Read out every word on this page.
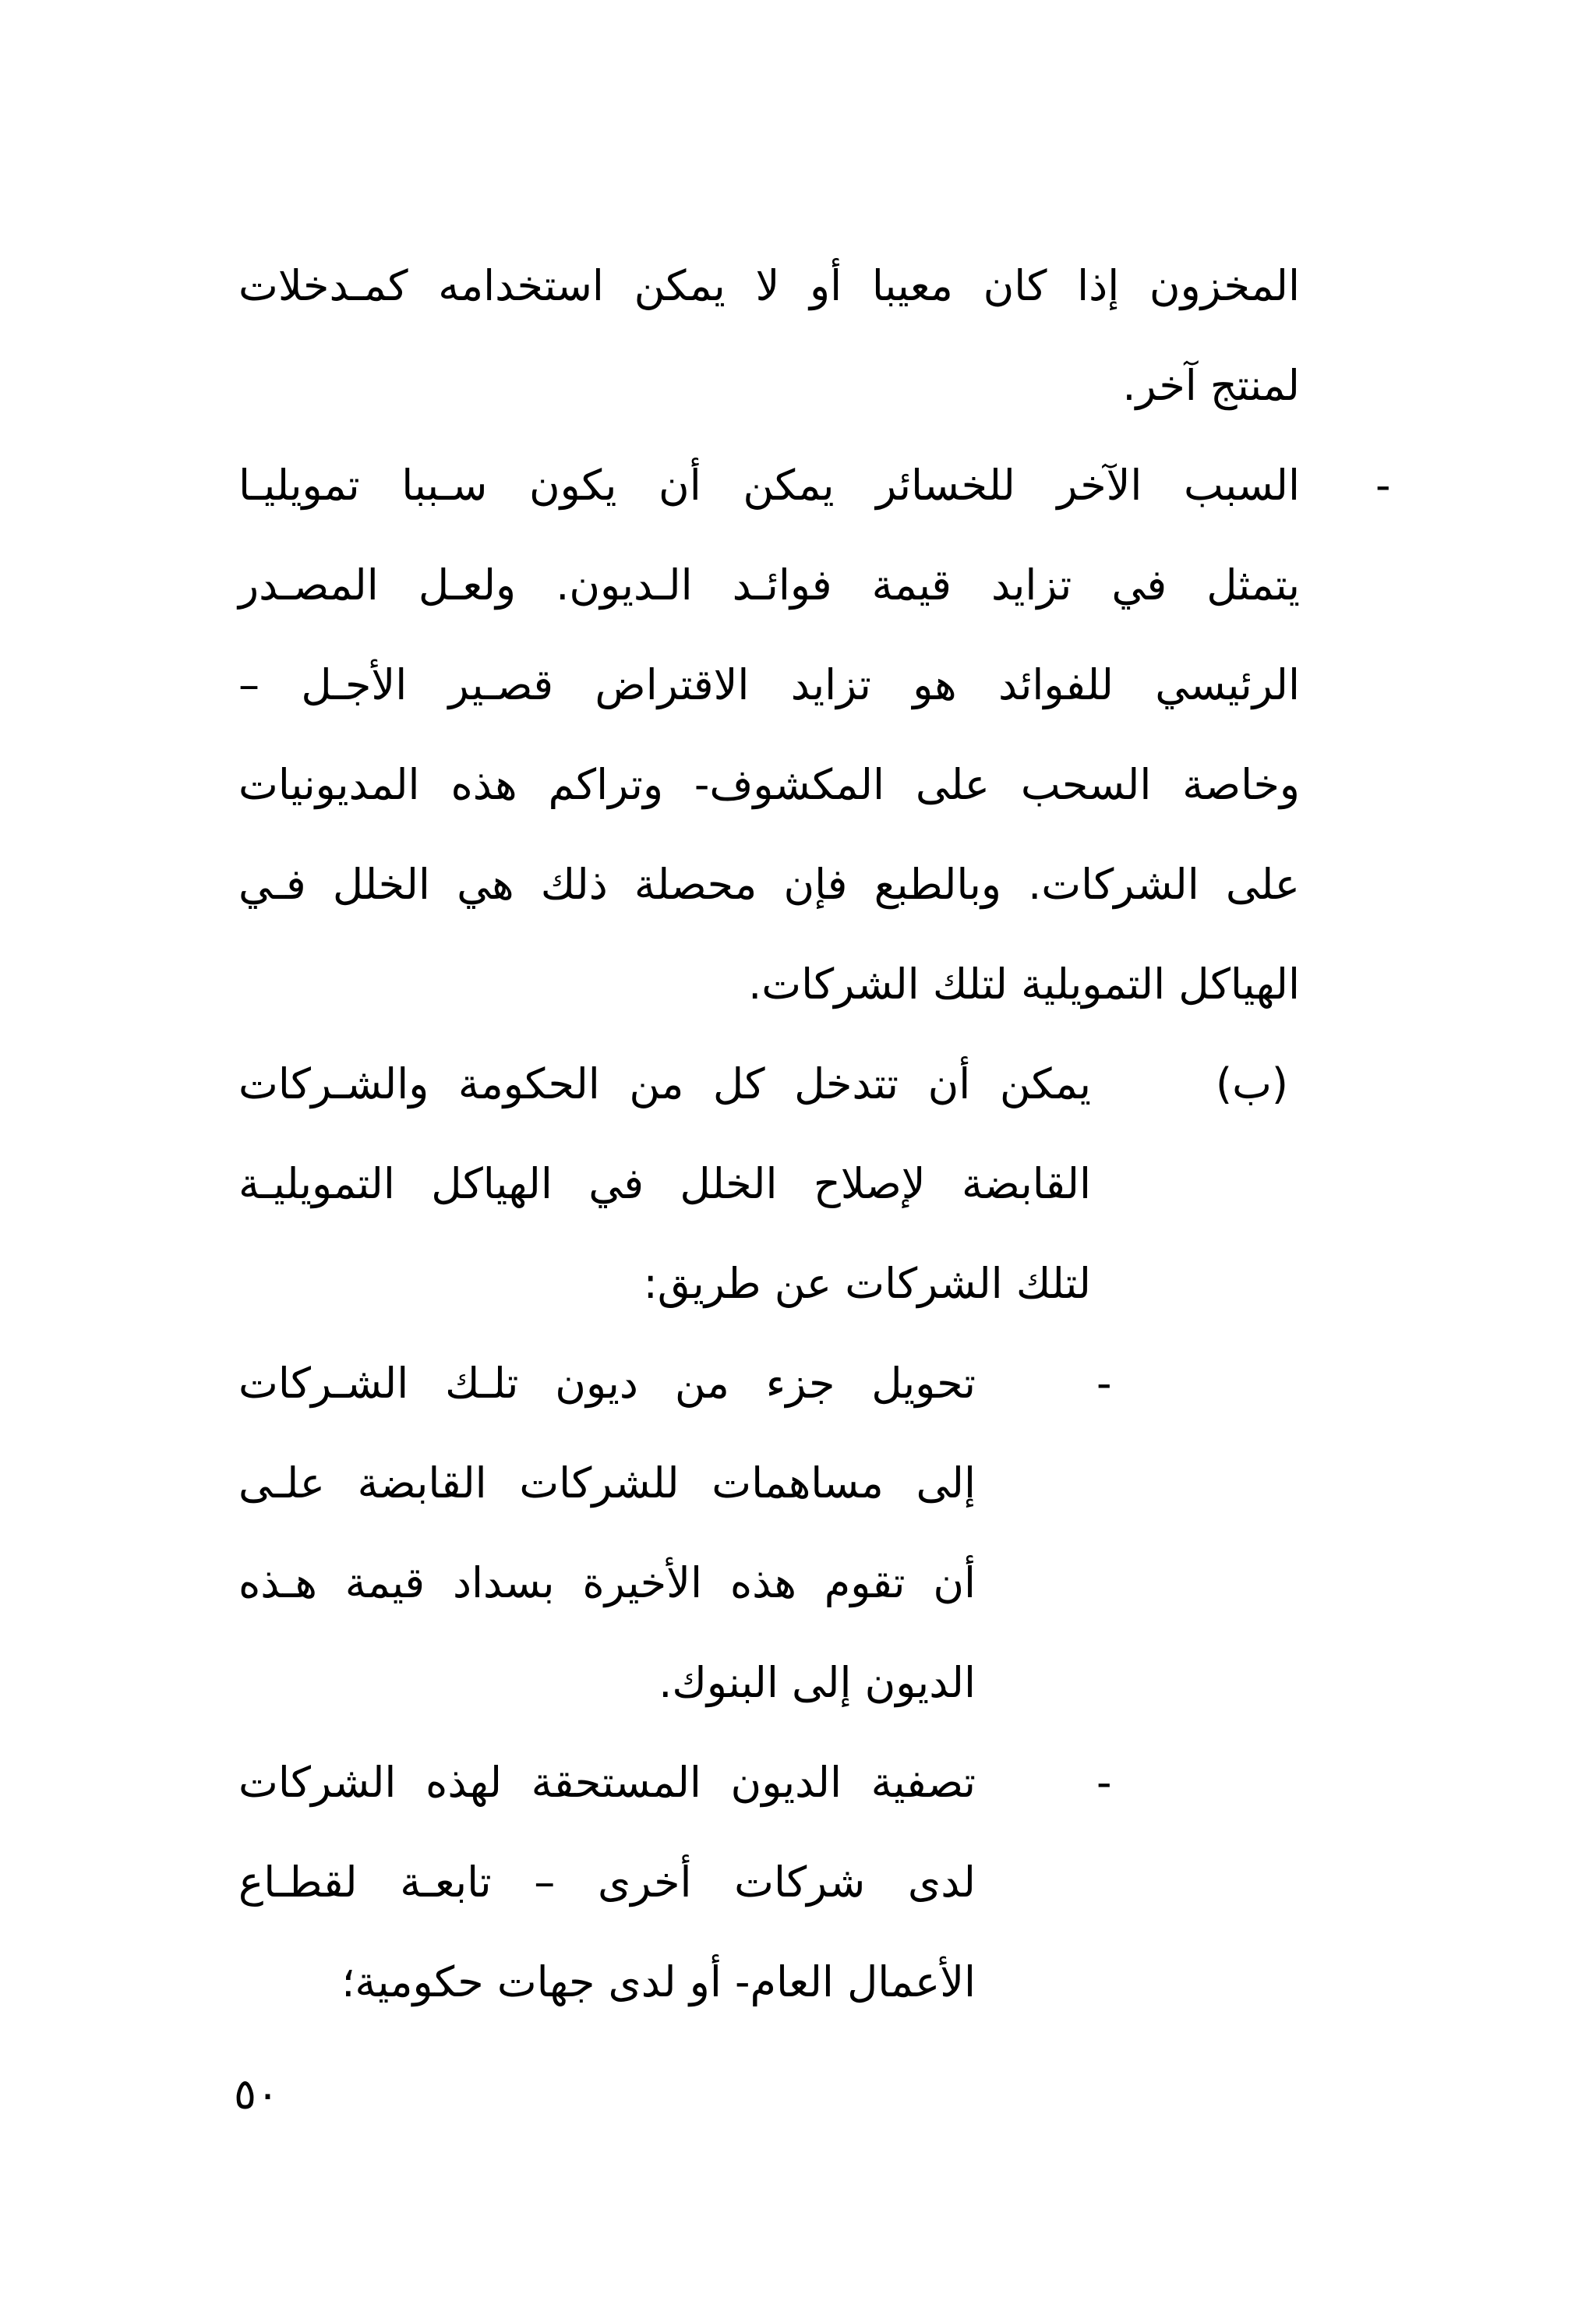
المخزون إذا كان معيبا أو لا يمكن استخدامه كمـدخلات
لمنتج آخر.
-
السبب الآخر للخسائر يمكن أن يكون سـببا تمويليـا
يتمثل في تزايد قيمة فوائـد الـديون. ولعـل المصـدر
الرئيسي للفوائد هو تزايد الاقتراض قصـير الأجـل –
وخاصة السحب على المكشوف- وتراكم هذه المديونيات
على الشركات. وبالطبع فإن محصلة ذلك هي الخلل فـي
الهياكل التمويلية لتلك الشركات.
(ب)
يمكن أن تتدخل كل من الحكومة والشـركات
القابضة لإصلاح الخلل في الهياكل التمويليـة
لتلك الشركات عن طريق:
-
تحويل جزء من ديون تلـك الشـركات
إلى مساهمات للشركات القابضة علـى
أن تقوم هذه الأخيرة بسداد قيمة هـذه
الديون إلى البنوك.
-
تصفية الديون المستحقة لهذه الشركات
لدى شركات أخرى – تابعـة لقطـاع
الأعمال العام- أو لدى جهات حكومية؛
٥٠
